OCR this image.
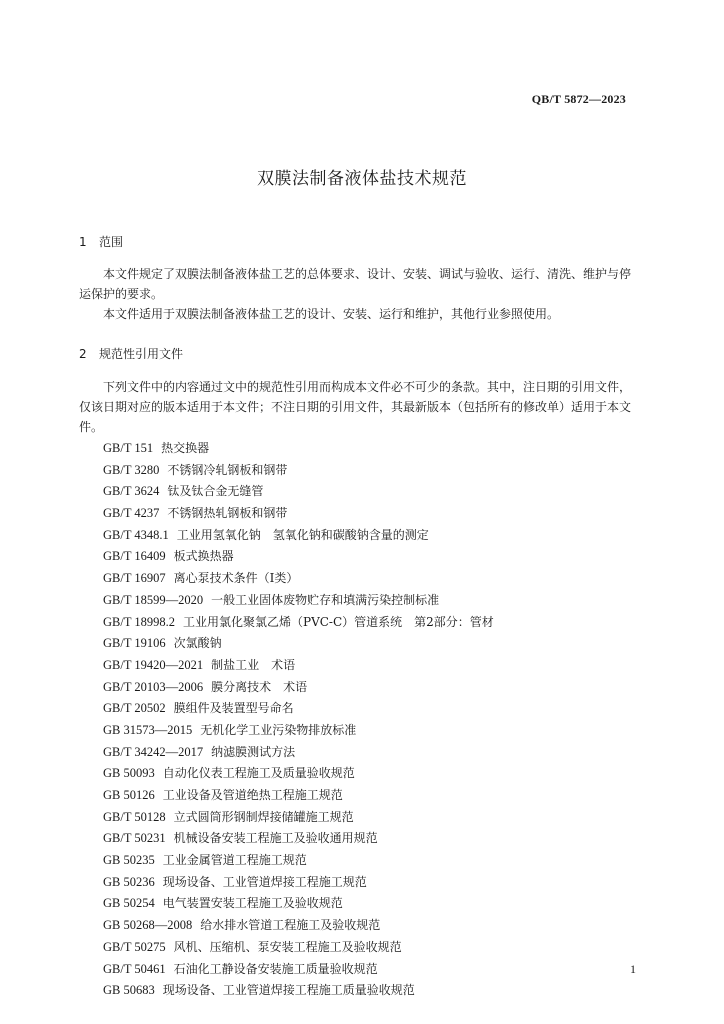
QB/T 5872—2023
双膜法制备液体盐技术规范
1 范围

本文件规定了双膜法制备液体盐工艺的总体要求、设计、安装、调试与验收、运行、清洗、维护与停运保护的要求。

本文件适用于双膜法制备液体盐工艺的设计、安装、运行和维护，其他行业参照使用。

2 规范性引用文件

下列文件中的内容通过文中的规范性引用而构成本文件必不可少的条款。其中，注日期的引用文件，仅该日期对应的版本适用于本文件；不注日期的引用文件，其最新版本（包括所有的修改单）适用于本文件。

GB/T 151 热交换器
GB/T 3280 不锈钢冷轧钢板和钢带
GB/T 3624 钛及钛合金无缝管
GB/T 4237 不锈钢热轧钢板和钢带
GB/T 4348.1 工业用氢氧化钠　氢氧化钠和碳酸钠含量的测定
GB/T 16409 板式换热器
GB/T 16907 离心泵技术条件（I类）
GB/T 18599—2020 一般工业固体废物贮存和填满污染控制标准
GB/T 18998.2 工业用氯化聚氯乙烯（PVC-C）管道系统　第2部分：管材
GB/T 19106 次氯酸钠
GB/T 19420—2021 制盐工业　术语
GB/T 20103—2006 膜分离技术　术语
GB/T 20502 膜组件及装置型号命名
GB 31573—2015 无机化学工业污染物排放标准
GB/T 34242—2017 纳滤膜测试方法
GB 50093 自动化仪表工程施工及质量验收规范
GB 50126 工业设备及管道绝热工程施工规范
GB/T 50128 立式圆筒形钢制焊接储罐施工规范
GB/T 50231 机械设备安装工程施工及验收通用规范
GB 50235 工业金属管道工程施工规范
GB 50236 现场设备、工业管道焊接工程施工规范
GB 50254 电气装置安装工程施工及验收规范
GB 50268—2008 给水排水管道工程施工及验收规范
GB/T 50275 风机、压缩机、泵安装工程施工及验收规范
GB/T 50461 石油化工静设备安装施工质量验收规范
GB 50683 现场设备、工业管道焊接工程施工质量验收规范
1
